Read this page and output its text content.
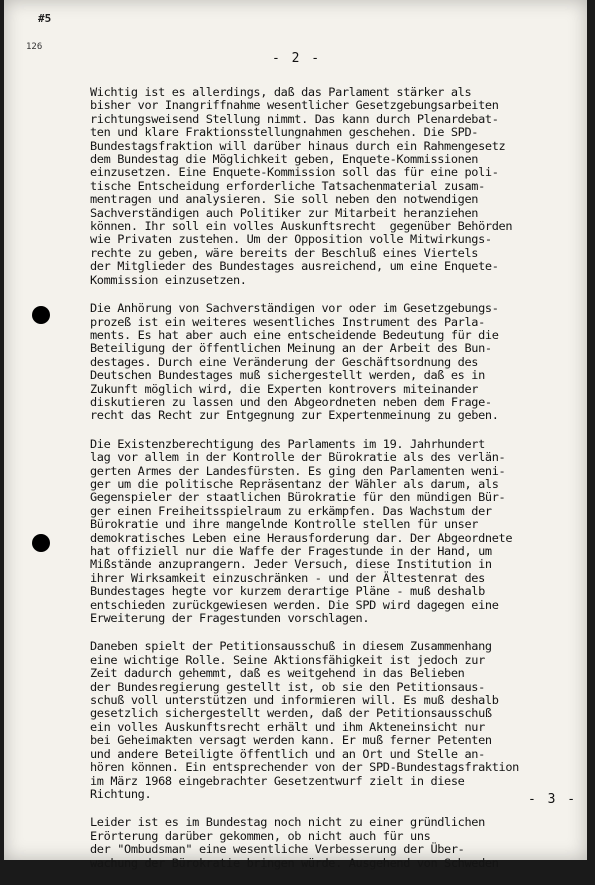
#5
126
- 2 -

Wichtig ist es allerdings, daß das Parlament stärker als
bisher vor Inangriffnahme wesentlicher Gesetzgebungsarbeiten
richtungsweisend Stellung nimmt. Das kann durch Plenardebat-
ten und klare Fraktionsstellungnahmen geschehen. Die SPD-
Bundestagsfraktion will darüber hinaus durch ein Rahmengesetz
dem Bundestag die Möglichkeit geben, Enquete-Kommissionen
einzusetzen. Eine Enquete-Kommission soll das für eine poli-
tische Entscheidung erforderliche Tatsachenmaterial zusam-
mentragen und analysieren. Sie soll neben den notwendigen
Sachverständigen auch Politiker zur Mitarbeit heranziehen
können. Ihr soll ein volles Auskunftsrecht  gegenüber Behörden
wie Privaten zustehen. Um der Opposition volle Mitwirkungs-
rechte zu geben, wäre bereits der Beschluß eines Viertels
der Mitglieder des Bundestages ausreichend, um eine Enquete-
Kommission einzusetzen.

Die Anhörung von Sachverständigen vor oder im Gesetzgebungs-
prozeß ist ein weiteres wesentliches Instrument des Parla-
ments. Es hat aber auch eine entscheidende Bedeutung für die
Beteiligung der öffentlichen Meinung an der Arbeit des Bun-
destages. Durch eine Veränderung der Geschäftsordnung des
Deutschen Bundestages muß sichergestellt werden, daß es in
Zukunft möglich wird, die Experten kontrovers miteinander
diskutieren zu lassen und den Abgeordneten neben dem Frage-
recht das Recht zur Entgegnung zur Expertenmeinung zu geben.

Die Existenzberechtigung des Parlaments im 19. Jahrhundert
lag vor allem in der Kontrolle der Bürokratie als des verlän-
gerten Armes der Landesfürsten. Es ging den Parlamenten weni-
ger um die politische Repräsentanz der Wähler als darum, als
Gegenspieler der staatlichen Bürokratie für den mündigen Bür-
ger einen Freiheitsspielraum zu erkämpfen. Das Wachstum der
Bürokratie und ihre mangelnde Kontrolle stellen für unser
demokratisches Leben eine Herausforderung dar. Der Abgeordnete
hat offiziell nur die Waffe der Fragestunde in der Hand, um
Mißstände anzuprangern. Jeder Versuch, diese Institution in
ihrer Wirksamkeit einzuschränken - und der Ältestenrat des
Bundestages hegte vor kurzem derartige Pläne - muß deshalb
entschieden zurückgewiesen werden. Die SPD wird dagegen eine
Erweiterung der Fragestunden vorschlagen.

Daneben spielt der Petitionsausschuß in diesem Zusammenhang
eine wichtige Rolle. Seine Aktionsfähigkeit ist jedoch zur
Zeit dadurch gehemmt, daß es weitgehend in das Belieben
der Bundesregierung gestellt ist, ob sie den Petitionsaus-
schuß voll unterstützen und informieren will. Es muß deshalb
gesetzlich sichergestellt werden, daß der Petitionsausschuß
ein volles Auskunftsrecht erhält und ihm Akteneinsicht nur
bei Geheimakten versagt werden kann. Er muß ferner Petenten
und andere Beteiligte öffentlich und an Ort und Stelle an-
hören können. Ein entsprechender von der SPD-Bundestagsfraktion
im März 1968 eingebrachter Gesetzentwurf zielt in diese
Richtung.

Leider ist es im Bundestag noch nicht zu einer gründlichen
Erörterung darüber gekommen, ob nicht auch für uns
der "Ombudsman" eine wesentliche Verbesserung der Über-
wachung der Bürokratie bringen würde. Ausgehend von Schweden

- 3 -
